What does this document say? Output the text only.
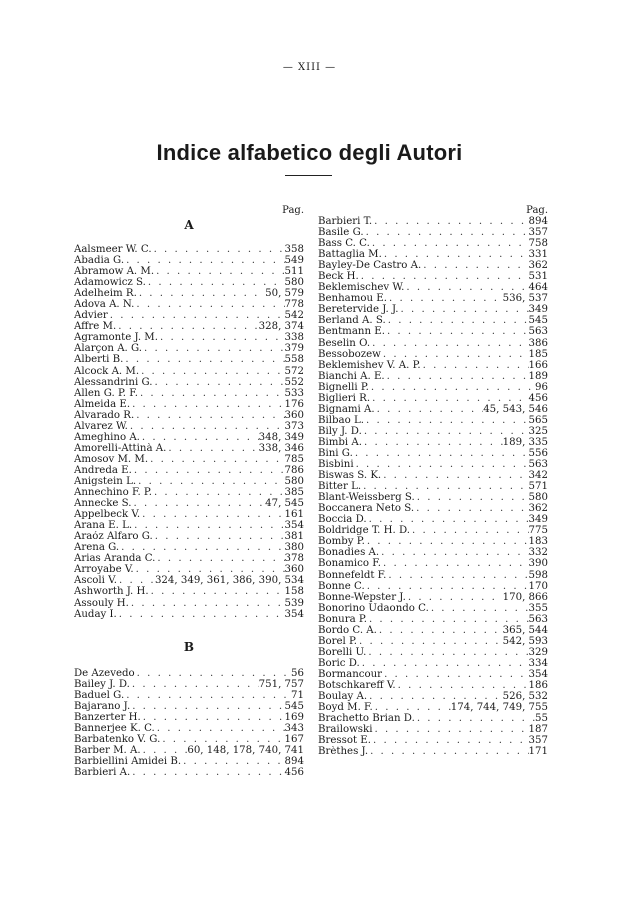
— XIII —
Indice alfabetico degli Autori
Pag.
A
Aalsmeer W. C. . . .	358
Abadia G. . . .	549
Abramow A. M. . . .	511
Adamowicz S. . . .	580
Adelheim R. . . .	50, 579
Adova A. N. . . .	778
Advier . . .	542
Affre M. . . .	328, 374
Agramonte J. M. . . .	338
Alarçon A. G. . . .	379
Alberti B. . . .	558
Alcock A. M. . . .	572
Alessandrini G. . . .	552
Allen G. P. F. . . .	533
Almeida E. . . .	176
Alvarado R. . . .	360
Alvarez W. . . .	373
Ameghino A. . . .	348, 349
Amorelli-Attinà A. . . .	338, 346
Amosov M. M. . . .	785
Andreda E. . . .	786
Anigstein L. . . .	580
Annechino F. P. . . .	385
Annecke S. . . .	47, 545
Appelbeck V. . . .	161
Arana E. L. . . .	354
Araóz Alfaro G. . . .	381
Arena G. . . .	380
Arias Aranda C. . . .	378
Arroyabe V. . . .	360
Ascoli V. . . .	324, 349, 361, 386, 390, 534
Ashworth J. H. . . .	158
Assouly H. . . .	539
Auday I. . . .	354
B
De Azevedo . . .	56
Bailey J. D. . . .	751, 757
Baduel G. . . .	71
Bajarano J. . . .	545
Banzerter H. . . .	169
Bannerjee K. C. . . .	343
Barbatenko V. G. . . .	167
Barber M. A. . . .	60, 148, 178, 740, 741
Barbiellini Amidei B. . . .	894
Barbieri A. . . .	456
Pag.
Barbieri T. . . .	894
Basile G. . . .	357
Bass C. C. . . .	758
Battaglia M. . . .	331
Bayley-De Castro A. . . .	362
Beck H. . . .	531
Beklemischev W. . . .	464
Benhamou E. . . .	536, 537
Beretervide J. J. . . .	349
Berland A. S. . . .	545
Bentmann E. . . .	563
Beselin O. . . .	386
Bessobozew . . .	185
Beklemishev V. A. P. . . .	166
Bianchi A. E. . . .	189
Bignelli P. . . .	96
Biglieri R. . . .	456
Bignami A. . . .	45, 543, 546
Bilbao L. . . .	565
Bily J. D. . . .	325
Bimbi A. . . .	189, 335
Bini G. . . .	556
Bisbini . . .	563
Biswas S. K. . . .	342
Bitter L. . . .	571
Blant-Weissberg S. . . .	580
Boccanera Neto S. . . .	362
Boccia D. . . .	349
Boldridge T. H. D. . . .	775
Bomby P. . . .	183
Bonadies A. . . .	332
Bonamico F. . . .	390
Bonnefeldt F. . . .	598
Bonne C. . . .	170
Bonne-Wepster J. . . .	170, 866
Bonorino Udaondo C. . . .	355
Bonura P. . . .	563
Bordo C. A. . . .	365, 544
Borel P. . . .	542, 593
Borelli U. . . .	329
Boric D. . . .	334
Bormancour . . .	354
Botschkareff V. . . .	186
Boulay A. . . .	526, 532
Boyd M. F. . . .	174, 744, 749, 755
Brachetto Brian D. . . .	55
Brailowski . . .	187
Bressot E. . . .	357
Brèthes J. . . .	171
